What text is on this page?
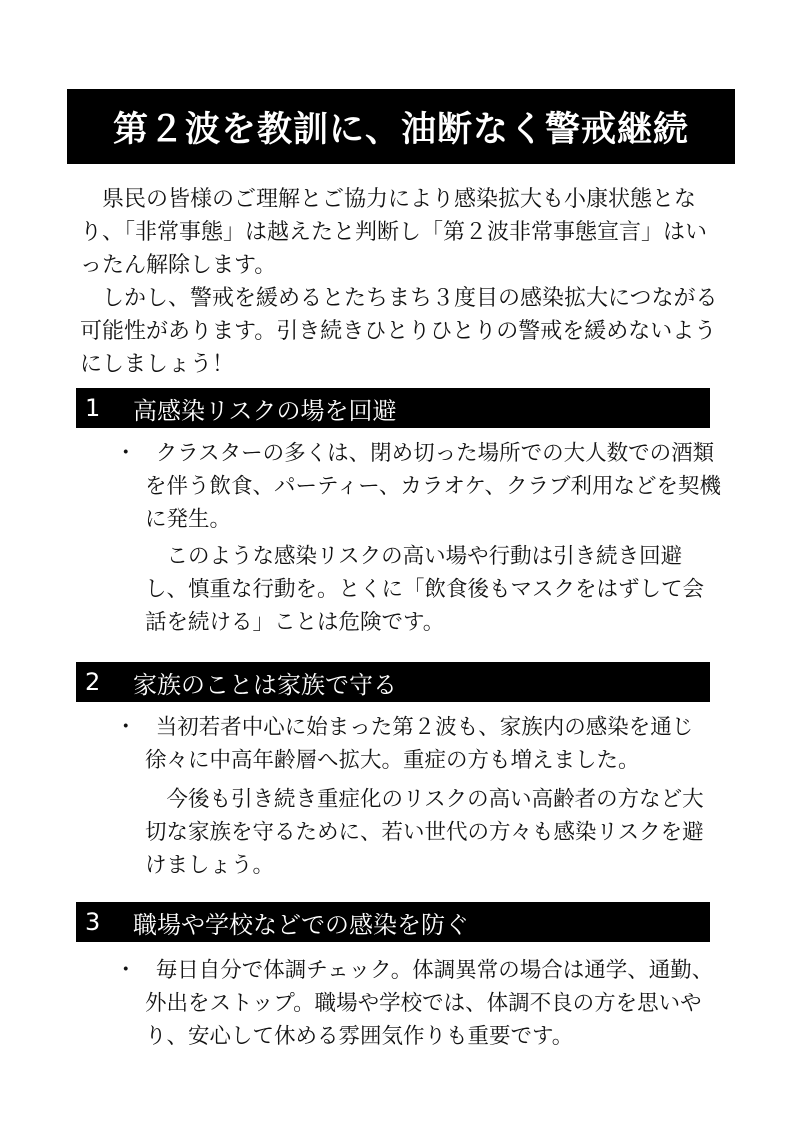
第２波を教訓に、油断なく警戒継続

県民の皆様のご理解とご協力により感染拡大も小康状態となり、「非常事態」は越えたと判断し「第２波非常事態宣言」はいったん解除します。

しかし、警戒を緩めるとたちまち３度目の感染拡大につながる可能性があります。引き続きひとりひとりの警戒を緩めないようにしましょう！

1	高感染リスクの場を回避
・ クラスターの多くは、閉め切った場所での大人数での酒類を伴う飲食、パーティー、カラオケ、クラブ利用などを契機に発生。

このような感染リスクの高い場や行動は引き続き回避し、慎重な行動を。とくに「飲食後もマスクをはずして会話を続ける」ことは危険です。

2	家族のことは家族で守る
・ 当初若者中心に始まった第２波も、家族内の感染を通じ徐々に中高年齢層へ拡大。重症の方も増えました。

今後も引き続き重症化のリスクの高い高齢者の方など大切な家族を守るために、若い世代の方々も感染リスクを避けましょう。

3	職場や学校などでの感染を防ぐ
・ 毎日自分で体調チェック。体調異常の場合は通学、通勤、外出をストップ。職場や学校では、体調不良の方を思いやり、安心して休める雰囲気作りも重要です。
